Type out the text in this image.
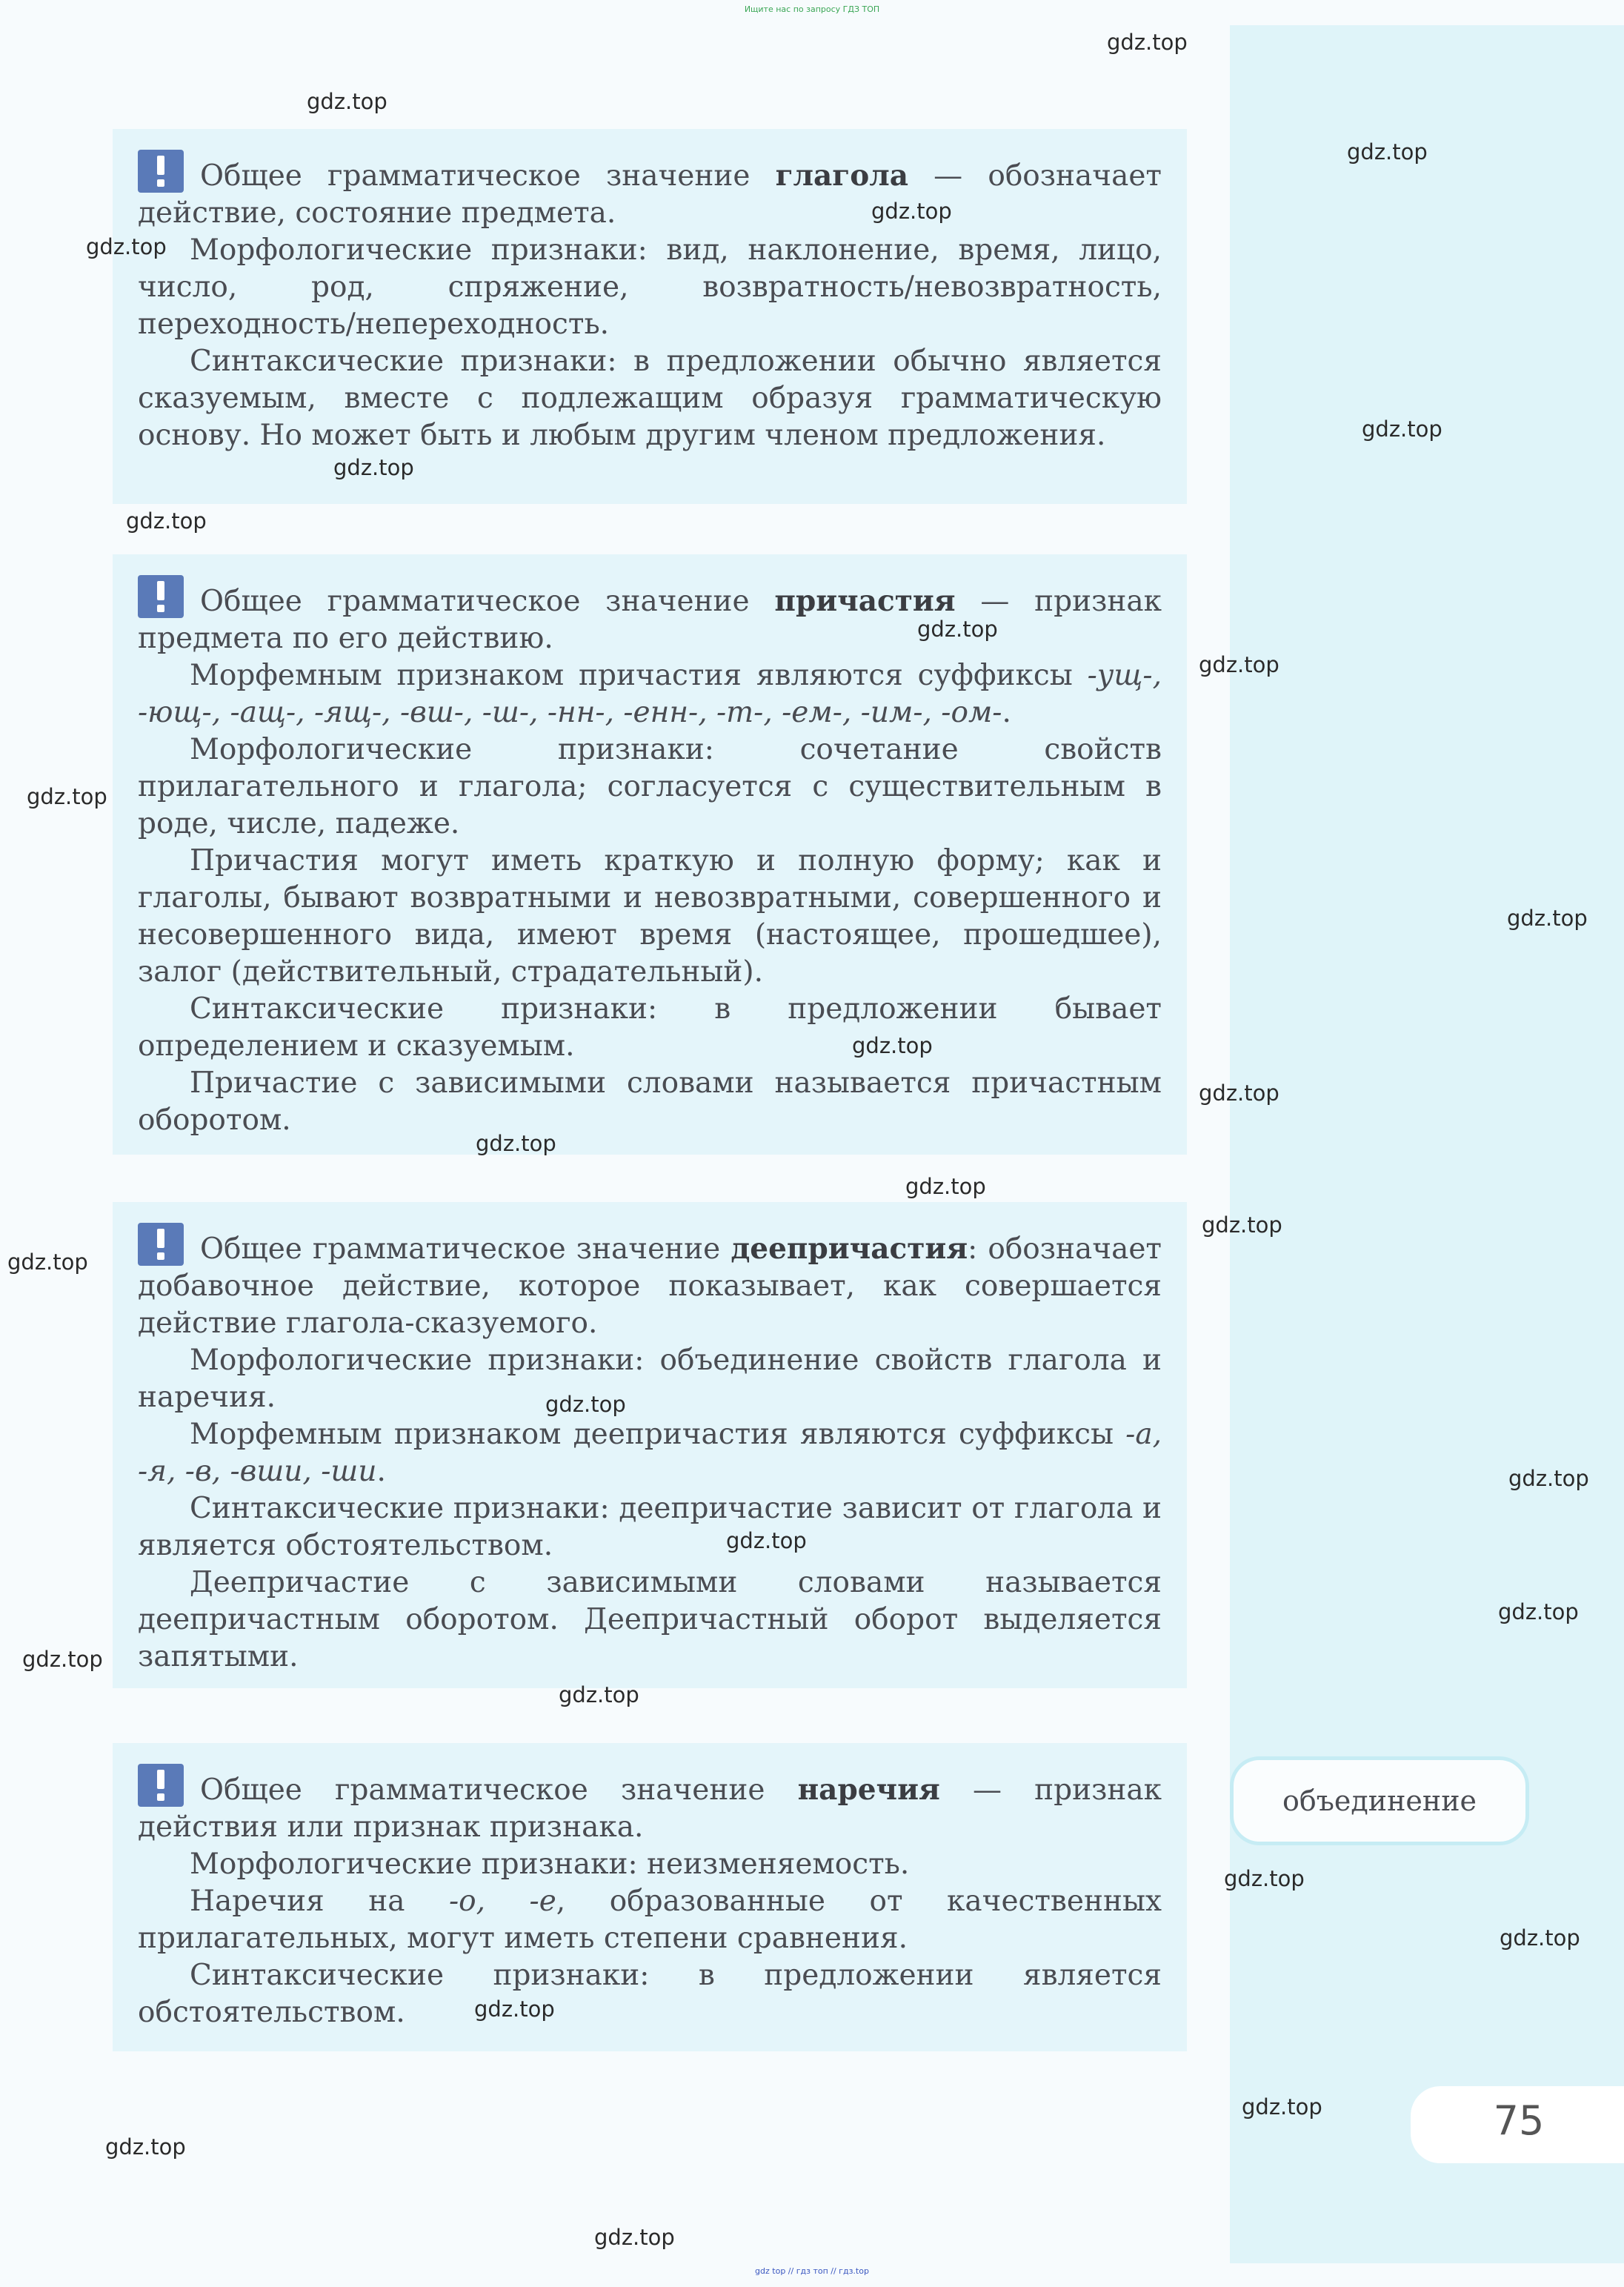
Ищите нас по запросу ГДЗ ТОП

Общее грамматическое значение глагола — обозначает действие, состояние предмета.

Морфологические признаки: вид, наклонение, время, лицо, число, род, спряжение, возвратность/невозвратность, переходность/непереходность.

Синтаксические признаки: в предложении обычно является сказуемым, вместе с подлежащим образуя грамматическую основу. Но может быть и любым другим членом предложения.

Общее грамматическое значение причастия — признак предмета по его действию.

Морфемным признаком причастия являются суффиксы -ущ-, -ющ-, -ащ-, -ящ-, -вш-, -ш-, -нн-, -енн-, -т-, -ем-, -им-, -ом-.

Морфологические признаки: сочетание свойств прилагательного и глагола; согласуется с существительным в роде, числе, падеже.

Причастия могут иметь краткую и полную форму; как и глаголы, бывают возвратными и невозвратными, совершенного и несовершенного вида, имеют время (настоящее, прошедшее), залог (действительный, страдательный).

Синтаксические признаки: в предложении бывает определением и сказуемым.

Причастие с зависимыми словами называется причастным оборотом.

Общее грамматическое значение деепричастия: обозначает добавочное действие, которое показывает, как совершается действие глагола-сказуемого.

Морфологические признаки: объединение свойств глагола и наречия.

Морфемным признаком деепричастия являются суффиксы -а, -я, -в, -вши, -ши.

Синтаксические признаки: деепричастие зависит от глагола и является обстоятельством.

Деепричастие с зависимыми словами называется деепричастным оборотом. Деепричастный оборот выделяется запятыми.

Общее грамматическое значение наречия — признак действия или признак признака.

Морфологические признаки: неизменяемость.

Наречия на -о, -е, образованные от качественных прилагательных, могут иметь степени сравнения.

Синтаксические признаки: в предложении является обстоятельством.

объединение
75
gdz.top
gdz.top
gdz.top
gdz.top
gdz.top
gdz.top
gdz.top
gdz.top
gdz.top
gdz.top
gdz.top
gdz.top
gdz.top
gdz.top
gdz.top
gdz.top
gdz.top
gdz.top
gdz.top
gdz.top
gdz.top
gdz.top
gdz.top
gdz.top
gdz.top
gdz.top
gdz.top
gdz.top
gdz.top
gdz.top
gdz top // гдз топ // гдз.top
